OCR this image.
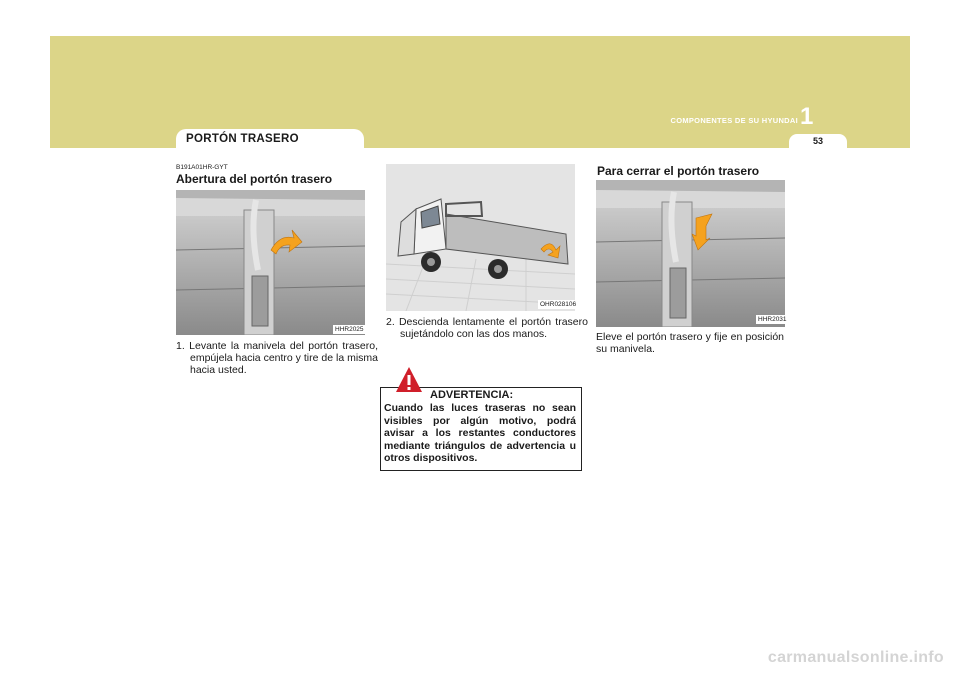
COMPONENTES DE SU HYUNDAI 1
53
PORTÓN TRASERO
B191A01HR-GYT
Abertura del portón trasero
HHR2025
1. Levante la manivela del portón trasero, empújela hacia centro y tire de la misma hacia usted.
OHR028106
2. Descienda lentamente el portón trasero sujetándolo con las dos manos.
ADVERTENCIA:
Cuando las luces traseras no sean visibles por algún motivo, podrá avisar a los restantes conductores mediante triángulos de advertencia u otros dispositivos.
Para cerrar el portón trasero
HHR2031
Eleve el portón trasero y fije en posición su manivela.
carmanualsonline.info
